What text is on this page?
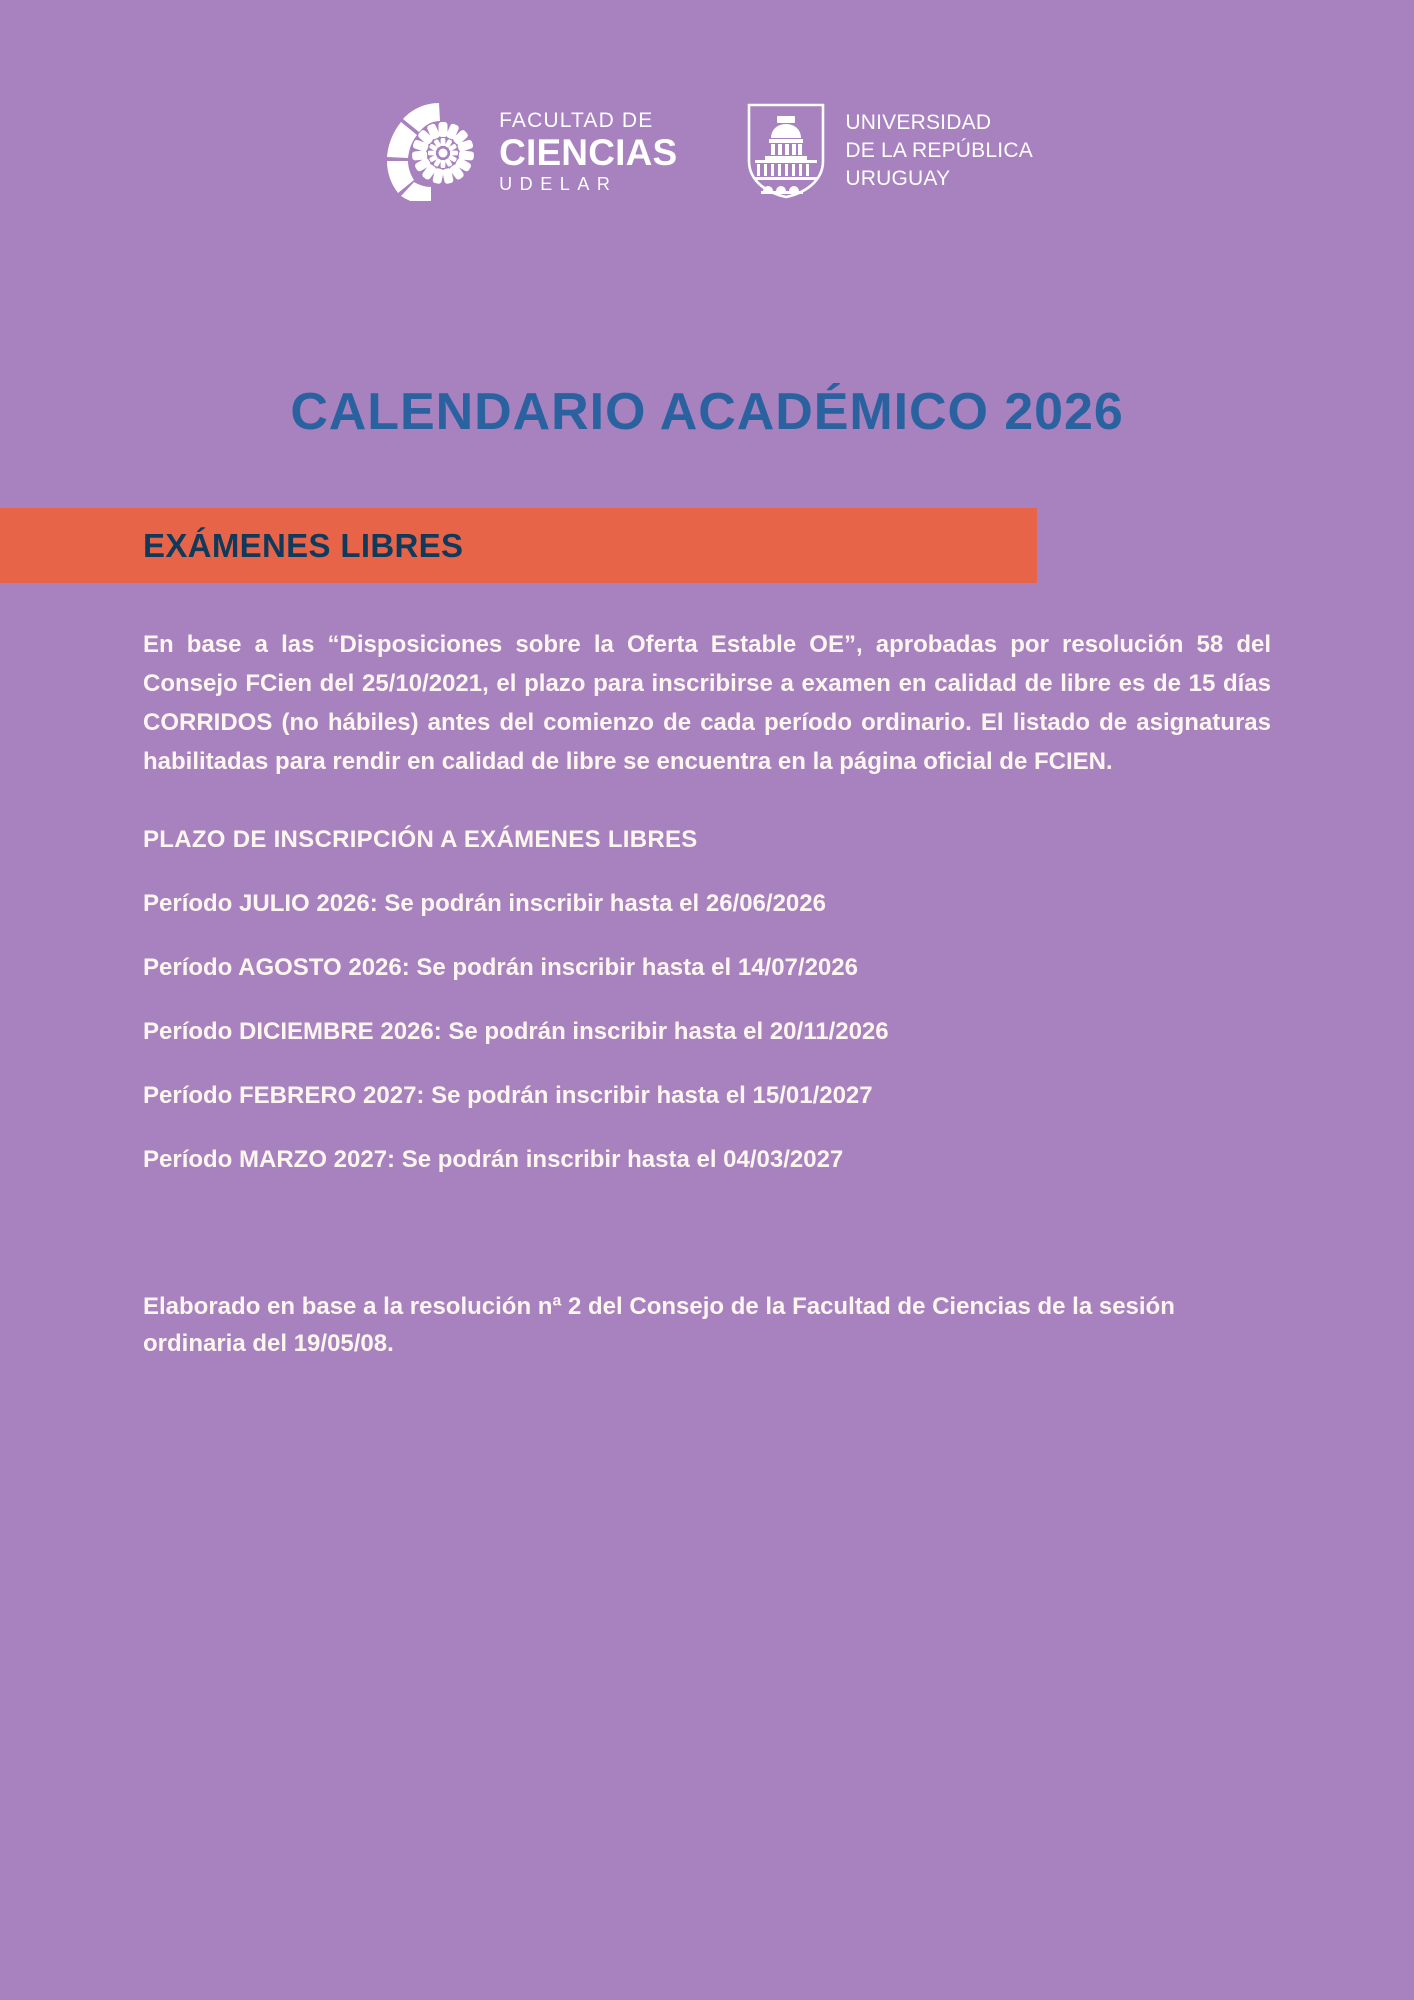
FACULTAD DE
CIENCIAS
UDELAR
UNIVERSIDAD
DE LA REPÚBLICA
URUGUAY
CALENDARIO ACADÉMICO 2026
EXÁMENES LIBRES

En base a las “Disposiciones sobre la Oferta Estable OE”, aprobadas por resolución 58 del Consejo FCien del 25/10/2021, el plazo para inscribirse a examen en calidad de libre es de 15 días CORRIDOS (no hábiles) antes del comienzo de cada período ordinario. El listado de asignaturas habilitadas para rendir en calidad de libre se encuentra en la página oficial de FCIEN.

PLAZO DE INSCRIPCIÓN A EXÁMENES LIBRES

Período JULIO 2026: Se podrán inscribir hasta el 26/06/2026
Período AGOSTO 2026: Se podrán inscribir hasta el 14/07/2026
Período DICIEMBRE 2026: Se podrán inscribir hasta el 20/11/2026
Período FEBRERO 2027: Se podrán inscribir hasta el 15/01/2027
Período MARZO 2027: Se podrán inscribir hasta el 04/03/2027

Elaborado en base a la resolución nª 2 del Consejo de la Facultad de Ciencias de la sesión ordinaria del 19/05/08.
